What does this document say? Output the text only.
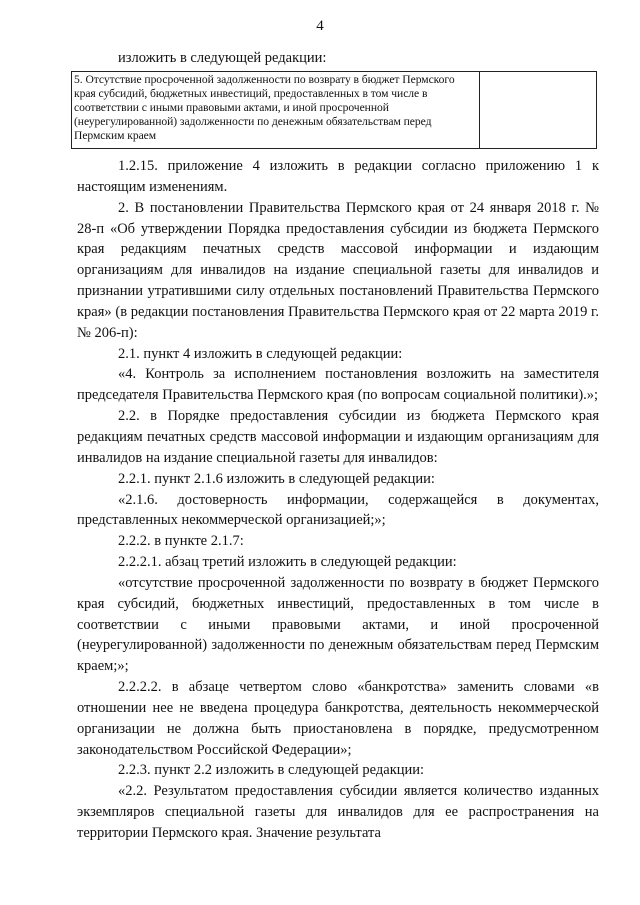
4
изложить в следующей редакции:
5. Отсутствие просроченной задолженности по возврату в бюджет Пермского края субсидий, бюджетных инвестиций, предоставленных в том числе в соответствии с иными правовыми актами, и иной просроченной (неурегулированной) задолженности по денежным обязательствам перед Пермским краем

1.2.15. приложение 4 изложить в редакции согласно приложению 1 к настоящим изменениям.

2. В постановлении Правительства Пермского края от 24 января 2018 г. № 28-п «Об утверждении Порядка предоставления субсидии из бюджета Пермского края редакциям печатных средств массовой информации и издающим организациям для инвалидов на издание специальной газеты для инвалидов и признании утратившими силу отдельных постановлений Правительства Пермского края» (в редакции постановления Правительства Пермского края от 22 марта 2019 г. № 206-п):

2.1. пункт 4 изложить в следующей редакции:

«4. Контроль за исполнением постановления возложить на заместителя председателя Правительства Пермского края (по вопросам социальной политики).»;

2.2. в Порядке предоставления субсидии из бюджета Пермского края редакциям печатных средств массовой информации и издающим организациям для инвалидов на издание специальной газеты для инвалидов:

2.2.1. пункт 2.1.6 изложить в следующей редакции:

«2.1.6. достоверность информации, содержащейся в документах, представленных некоммерческой организацией;»;

2.2.2. в пункте 2.1.7:

2.2.2.1. абзац третий изложить в следующей редакции:

«отсутствие просроченной задолженности по возврату в бюджет Пермского края субсидий, бюджетных инвестиций, предоставленных в том числе в соответствии с иными правовыми актами, и иной просроченной (неурегулированной) задолженности по денежным обязательствам перед Пермским краем;»;

2.2.2.2. в абзаце четвертом слово «банкротства» заменить словами «в отношении нее не введена процедура банкротства, деятельность некоммерческой организации не должна быть приостановлена в порядке, предусмотренном законодательством Российской Федерации»;

2.2.3. пункт 2.2 изложить в следующей редакции:

«2.2. Результатом предоставления субсидии является количество изданных экземпляров специальной газеты для инвалидов для ее распространения на территории Пермского края. Значение результата
